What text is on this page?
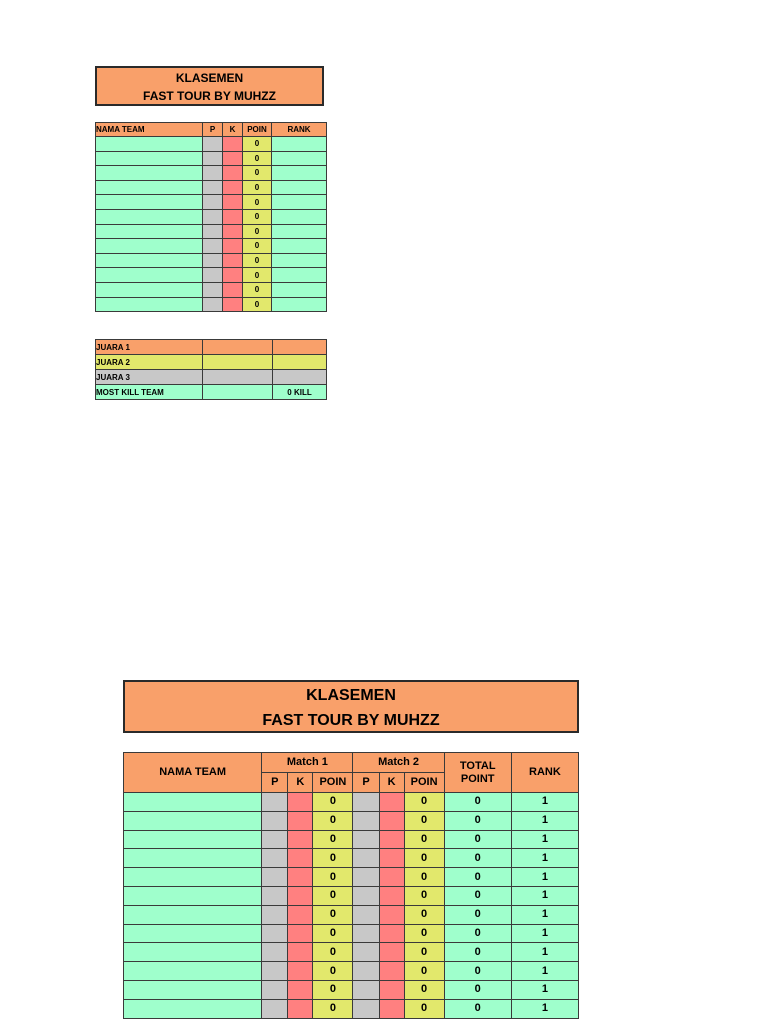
KLASEMEN
FAST TOUR BY MUHZZ
NAMA TEAM	P	K	POIN	RANK
			0	
			0	
			0	
			0	
			0	
			0	
			0	
			0	
			0	
			0	
			0	
			0	
JUARA 1		
JUARA 2		
JUARA 3		
MOST KILL TEAM		0 KILL
KLASEMEN
FAST TOUR BY MUHZZ
NAMA TEAM	Match 1			Match 2			TOTAL POINT	RANK
	P	K	POIN	P	K	POIN		
			0			0	0	1
			0			0	0	1
			0			0	0	1
			0			0	0	1
			0			0	0	1
			0			0	0	1
			0			0	0	1
			0			0	0	1
			0			0	0	1
			0			0	0	1
			0			0	0	1
			0			0	0	1
